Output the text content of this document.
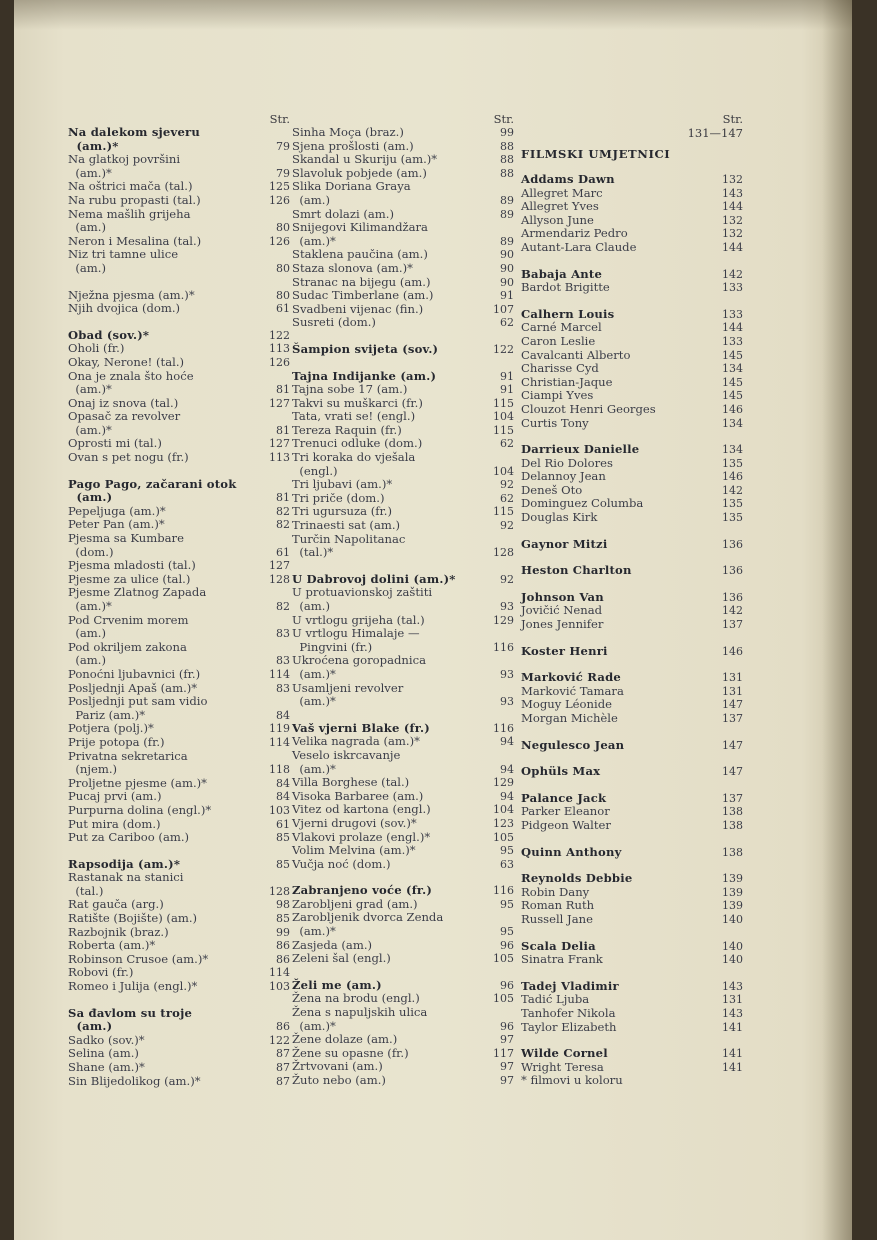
Str.
Na dalekom sjeveru
(am.)*	79
Na glatkoj površini
(am.)*	79
Na oštrici mača (tal.)	125
Na rubu propasti (tal.)	126
Nema mašlih grijeha
(am.)	80
Neron i Mesalina (tal.)	126
Niz tri tamne ulice
(am.)	80
Nježna pjesma (am.)*	80
Njih dvojica (dom.)	61
Obad (sov.)*	122
Oholi (fr.)	113
Okay, Nerone! (tal.)	126
Ona je znala što hoće
(am.)*	81
Onaj iz snova (tal.)	127
Opasač za revolver
(am.)*	81
Oprosti mi (tal.)	127
Ovan s pet nogu (fr.)	113
Pago Pago, začarani otok
(am.)	81
Pepeljuga (am.)*	82
Peter Pan (am.)*	82
Pjesma sa Kumbare
(dom.)	61
Pjesma mladosti (tal.)	127
Pjesme za ulice (tal.)	128
Pjesme Zlatnog Zapada
(am.)*	82
Pod Crvenim morem
(am.)	83
Pod okriljem zakona
(am.)	83
Ponoćni ljubavnici (fr.)	114
Posljednji Apaš (am.)*	83
Posljednji put sam vidio
Pariz (am.)*	84
Potjera (polj.)*	119
Prije potopa (fr.)	114
Privatna sekretarica
(njem.)	118
Proljetne pjesme (am.)*	84
Pucaj prvi (am.)	84
Purpurna dolina (engl.)*	103
Put mira (dom.)	61
Put za Cariboo (am.)	85
Rapsodija (am.)*	85
Rastanak na stanici
(tal.)	128
Rat gauča (arg.)	98
Ratište (Bojište) (am.)	85
Razbojnik (braz.)	99
Roberta (am.)*	86
Robinson Crusoe (am.)*	86
Robovi (fr.)	114
Romeo i Julija (engl.)*	103
Sa đavlom su troje
(am.)	86
Sadko (sov.)*	122
Selina (am.)	87
Shane (am.)*	87
Sin Blijedolikog (am.)*	87
Str.
Sinha Moça (braz.)	99
Sjena prošlosti (am.)	88
Skandal u Skuriju (am.)*	88
Slavoluk pobjede (am.)	88
Slika Doriana Graya
(am.)	89
Smrt dolazi (am.)	89
Snijegovi Kilimandžara
(am.)*	89
Staklena paučina (am.)	90
Staza slonova (am.)*	90
Stranac na bijegu (am.)	90
Sudac Timberlane (am.)	91
Svadbeni vijenac (fin.)	107
Susreti (dom.)	62
Šampion svijeta (sov.)	122
Tajna Indijanke (am.)	91
Tajna sobe 17 (am.)	91
Takvi su muškarci (fr.)	115
Tata, vrati se! (engl.)	104
Tereza Raquin (fr.)	115
Trenuci odluke (dom.)	62
Tri koraka do vješala
(engl.)	104
Tri ljubavi (am.)*	92
Tri priče (dom.)	62
Tri ugursuza (fr.)	115
Trinaesti sat (am.)	92
Turčin Napolitanac
(tal.)*	128
U Dabrovoj dolini (am.)*	92
U protuavionskoj zaštiti
(am.)	93
U vrtlogu grijeha (tal.)	129
U vrtlogu Himalaje —
Pingvini (fr.)	116
Ukroćena goropadnica
(am.)*	93
Usamljeni revolver
(am.)*	93
Vaš vjerni Blake (fr.)	116
Velika nagrada (am.)*	94
Veselo iskrcavanje
(am.)*	94
Villa Borghese (tal.)	129
Visoka Barbaree (am.)	94
Vitez od kartona (engl.)	104
Vjerni drugovi (sov.)*	123
Vlakovi prolaze (engl.)*	105
Volim Melvina (am.)*	95
Vučja noć (dom.)	63
Zabranjeno voće (fr.)	116
Zarobljeni grad (am.)	95
Zarobljenik dvorca Zenda
(am.)*	95
Zasjeda (am.)	96
Zeleni šal (engl.)	105
Želi me (am.)	96
Žena na brodu (engl.)	105
Žena s napuljskih ulica
(am.)*	96
Žene dolaze (am.)	97
Žene su opasne (fr.)	117
Žrtvovani (am.)	97
Žuto nebo (am.)	97
Str.
131—147
FILMSKI UMJETNICI
Addams Dawn	132
Allegret Marc	143
Allegret Yves	144
Allyson June	132
Armendariz Pedro	132
Autant-Lara Claude	144
Babaja Ante	142
Bardot Brigitte	133
Calhern Louis	133
Carné Marcel	144
Caron Leslie	133
Cavalcanti Alberto	145
Charisse Cyd	134
Christian-Jaque	145
Ciampi Yves	145
Clouzot Henri Georges	146
Curtis Tony	134
Darrieux Danielle	134
Del Rio Dolores	135
Delannoy Jean	146
Deneš Oto	142
Dominguez Columba	135
Douglas Kirk	135
Gaynor Mitzi	136
Heston Charlton	136
Johnson Van	136
Jovičić Nenad	142
Jones Jennifer	137
Koster Henri	146
Marković Rade	131
Marković Tamara	131
Moguy Léonide	147
Morgan Michèle	137
Negulesco Jean	147
Ophüls Max	147
Palance Jack	137
Parker Eleanor	138
Pidgeon Walter	138
Quinn Anthony	138
Reynolds Debbie	139
Robin Dany	139
Roman Ruth	139
Russell Jane	140
Scala Delia	140
Sinatra Frank	140
Tadej Vladimir	143
Tadić Ljuba	131
Tanhofer Nikola	143
Taylor Elizabeth	141
Wilde Cornel	141
Wright Teresa	141
* filmovi u koloru
